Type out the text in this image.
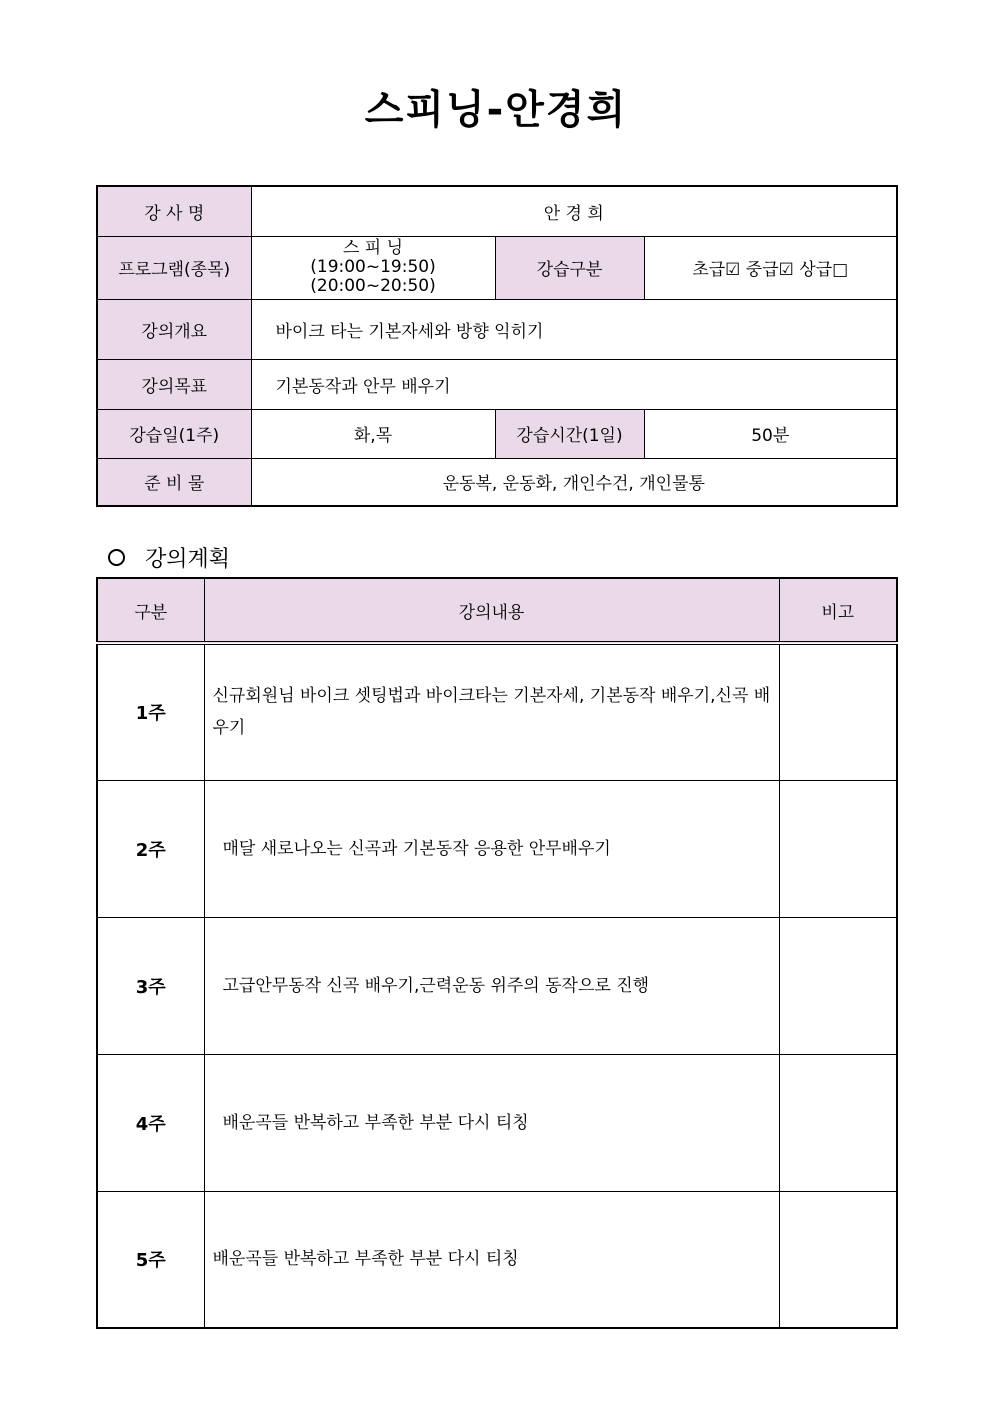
스피닝-안경희
강 사 명	안 경 희		
프로그램(종목)	스 피 닝
(19:00~19:50)
(20:00~20:50)	강습구분	초급☑ 중급☑ 상급□
강의개요	바이크 타는 기본자세와 방향 익히기		
강의목표	기본동작과 안무 배우기		
강습일(1주)	화,목	강습시간(1일)	50분
준 비 물	운동복, 운동화, 개인수건, 개인물통		
강의계획
구분	강의내용	비고
1주	신규회원님 바이크 셋팅법과 바이크타는 기본자세, 기본동작 배우기,신곡 배우기	
2주	매달 새로나오는 신곡과 기본동작 응용한 안무배우기	
3주	고급안무동작 신곡 배우기,근력운동 위주의 동작으로 진행	
4주	배운곡들 반복하고 부족한 부분 다시 티칭	
5주	배운곡들 반복하고 부족한 부분 다시 티칭	
